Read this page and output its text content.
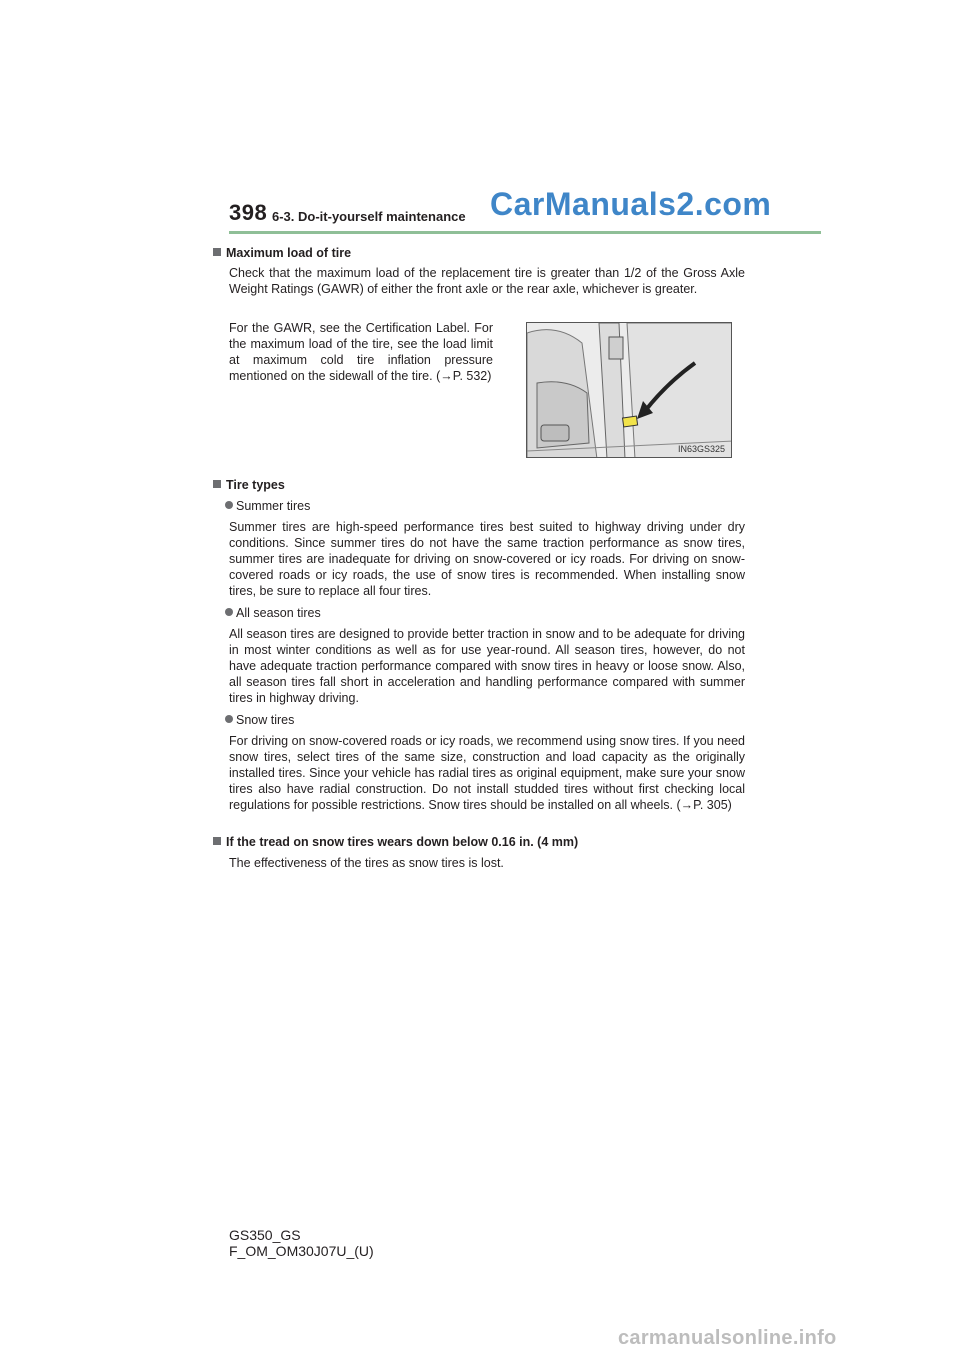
398 6-3. Do-it-yourself maintenance CarManuals2.com
Maximum load of tire
Check that the maximum load of the replacement tire is greater than 1/2 of the Gross Axle Weight Ratings (GAWR) of either the front axle or the rear axle, whichever is greater.
For the GAWR, see the Certification Label. For the maximum load of the tire, see the load limit at maximum cold tire inflation pressure mentioned on the sidewall of the tire. (→P. 532)
IN63GS325
Tire types
Summer tires
Summer tires are high-speed performance tires best suited to highway driving under dry conditions. Since summer tires do not have the same traction performance as snow tires, summer tires are inadequate for driving on snow-covered or icy roads. For driving on snow-covered roads or icy roads, the use of snow tires is recommended. When installing snow tires, be sure to replace all four tires.
All season tires
All season tires are designed to provide better traction in snow and to be adequate for driving in most winter conditions as well as for use year-round. All season tires, however, do not have adequate traction performance compared with snow tires in heavy or loose snow. Also, all season tires fall short in acceleration and handling performance compared with summer tires in highway driving.
Snow tires
For driving on snow-covered roads or icy roads, we recommend using snow tires. If you need snow tires, select tires of the same size, construction and load capacity as the originally installed tires. Since your vehicle has radial tires as original equipment, make sure your snow tires also have radial construction. Do not install studded tires without first checking local regulations for possible restrictions. Snow tires should be installed on all wheels. (→P. 305)
If the tread on snow tires wears down below 0.16 in. (4 mm)
The effectiveness of the tires as snow tires is lost.
GS350_GS F_OM_OM30J07U_(U)
carmanualsonline.info
